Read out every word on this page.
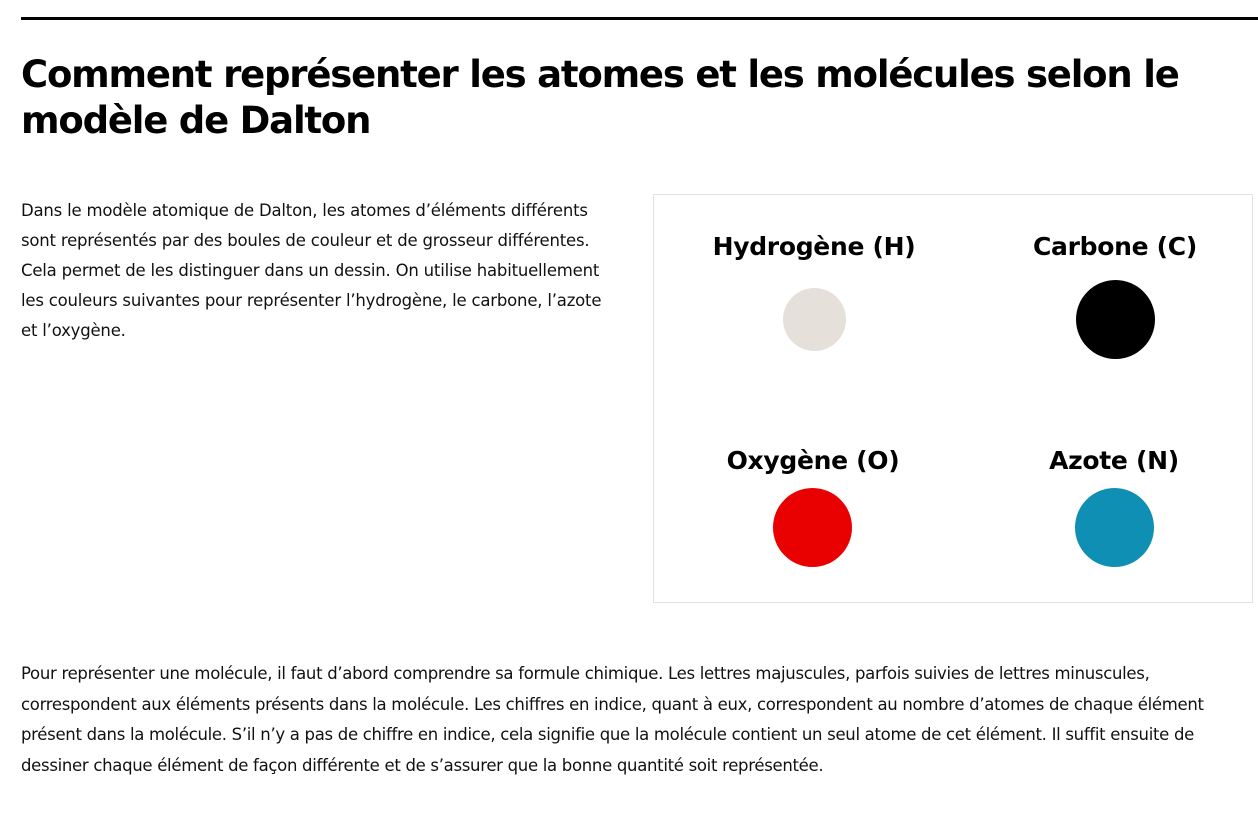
Comment représenter les atomes et les molécules selon le modèle de Dalton

Dans le modèle atomique de Dalton, les atomes d’éléments différents sont représentés par des boules de couleur et de grosseur différentes. Cela permet de les distinguer dans un dessin. On utilise habituellement les couleurs suivantes pour représenter l’hydrogène, le carbone, l’azote et l’oxygène.

Hydrogène (H)	Carbone (C)
Oxygène (O)	Azote (N)

Pour représenter une molécule, il faut d’abord comprendre sa formule chimique. Les lettres majuscules, parfois suivies de lettres minuscules, correspondent aux éléments présents dans la molécule. Les chiffres en indice, quant à eux, correspondent au nombre d’atomes de chaque élément présent dans la molécule. S’il n’y a pas de chiffre en indice, cela signifie que la molécule contient un seul atome de cet élément. Il suffit ensuite de dessiner chaque élément de façon différente et de s’assurer que la bonne quantité soit représentée.
